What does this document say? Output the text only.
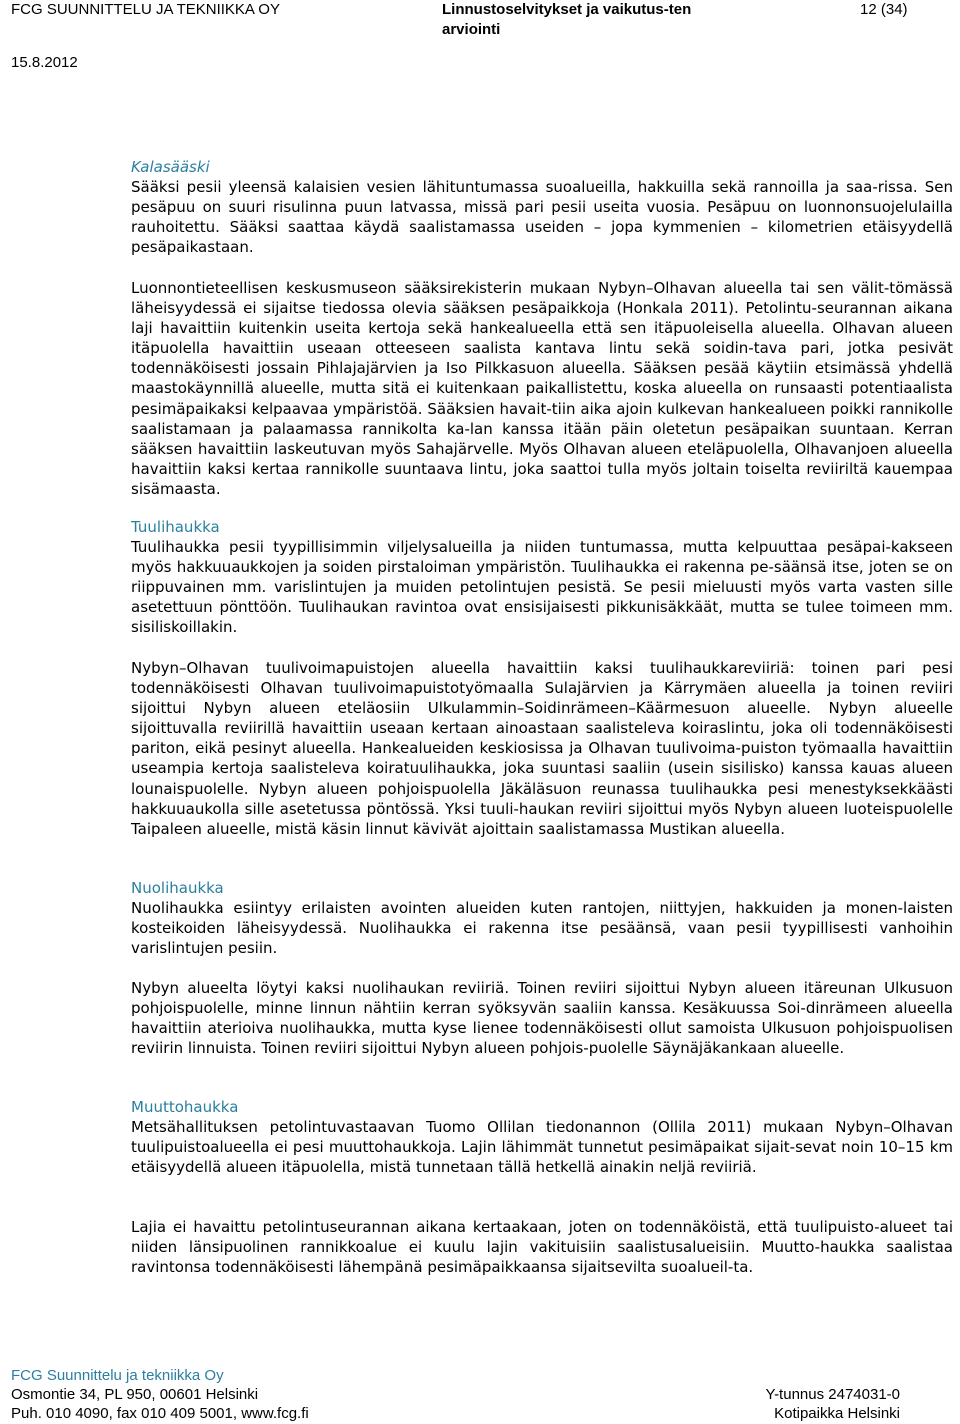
FCG SUUNNITTELU JA TEKNIIKKA OY	Linnustoselvitykset ja vaikutus-ten arviointi
12 (34)
15.8.2012
Kalasääski
Sääksi pesii yleensä kalaisien vesien lähituntumassa suoalueilla, hakkuilla sekä rannoilla ja saa-rissa. Sen pesäpuu on suuri risulinna puun latvassa, missä pari pesii useita vuosia. Pesäpuu on luonnonsuojelulailla rauhoitettu. Sääksi saattaa käydä saalistamassa useiden – jopa kymmenien – kilometrien etäisyydellä pesäpaikastaan.
Luonnontieteellisen keskusmuseon sääksirekisterin mukaan Nybyn–Olhavan alueella tai sen välit-tömässä läheisyydessä ei sijaitse tiedossa olevia sääksen pesäpaikkoja (Honkala 2011). Petolintu-seurannan aikana laji havaittiin kuitenkin useita kertoja sekä hankealueella että sen itäpuoleisella alueella. Olhavan alueen itäpuolella havaittiin useaan otteeseen saalista kantava lintu sekä soidin-tava pari, jotka pesivät todennäköisesti jossain Pihlajajärvien ja Iso Pilkkasuon alueella. Sääksen pesää käytiin etsimässä yhdellä maastokäynnillä alueelle, mutta sitä ei kuitenkaan paikallistettu, koska alueella on runsaasti potentiaalista pesimäpaikaksi kelpaavaa ympäristöä. Sääksien havait-tiin aika ajoin kulkevan hankealueen poikki rannikolle saalistamaan ja palaamassa rannikolta ka-lan kanssa itään päin oletetun pesäpaikan suuntaan. Kerran sääksen havaittiin laskeutuvan myös Sahajärvelle. Myös Olhavan alueen eteläpuolella, Olhavanjoen alueella havaittiin kaksi kertaa rannikolle suuntaava lintu, joka saattoi tulla myös joltain toiselta reviiriltä kauempaa sisämaasta.
Tuulihaukka
Tuulihaukka pesii tyypillisimmin viljelysalueilla ja niiden tuntumassa, mutta kelpuuttaa pesäpai-kakseen myös hakkuuaukkojen ja soiden pirstaloiman ympäristön. Tuulihaukka ei rakenna pe-säänsä itse, joten se on riippuvainen mm. varislintujen ja muiden petolintujen pesistä. Se pesii mieluusti myös varta vasten sille asetettuun pönttöön. Tuulihaukan ravintoa ovat ensisijaisesti pikkunisäkkäät, mutta se tulee toimeen mm. sisiliskoillakin.
Nybyn–Olhavan tuulivoimapuistojen alueella havaittiin kaksi tuulihaukkareviiriä: toinen pari pesi todennäköisesti Olhavan tuulivoimapuistotyömaalla Sulajärvien ja Kärrymäen alueella ja toinen reviiri sijoittui Nybyn alueen eteläosiin Ulkulammin–Soidinrämeen–Käärmesuon alueelle. Nybyn alueelle sijoittuvalla reviirillä havaittiin useaan kertaan ainoastaan saalisteleva koiraslintu, joka oli todennäköisesti pariton, eikä pesinyt alueella. Hankealueiden keskiosissa ja Olhavan tuulivoima-puiston työmaalla havaittiin useampia kertoja saalisteleva koiratuulihaukka, joka suuntasi saaliin (usein sisilisko) kanssa kauas alueen lounaispuolelle. Nybyn alueen pohjoispuolella Jäkäläsuon reunassa tuulihaukka pesi menestyksekkäästi hakkuuaukolla sille asetetussa pöntössä. Yksi tuuli-haukan reviiri sijoittui myös Nybyn alueen luoteispuolelle Taipaleen alueelle, mistä käsin linnut kävivät ajoittain saalistamassa Mustikan alueella.
Nuolihaukka
Nuolihaukka esiintyy erilaisten avointen alueiden kuten rantojen, niittyjen, hakkuiden ja monen-laisten kosteikoiden läheisyydessä. Nuolihaukka ei rakenna itse pesäänsä, vaan pesii tyypillisesti vanhoihin varislintujen pesiin.
Nybyn alueelta löytyi kaksi nuolihaukan reviiriä. Toinen reviiri sijoittui Nybyn alueen itäreunan Ulkusuon pohjoispuolelle, minne linnun nähtiin kerran syöksyvän saaliin kanssa. Kesäkuussa Soi-dinrämeen alueella havaittiin aterioiva nuolihaukka, mutta kyse lienee todennäköisesti ollut samoista Ulkusuon pohjoispuolisen reviirin linnuista. Toinen reviiri sijoittui Nybyn alueen pohjois-puolelle Säynäjäkankaan alueelle.
Muuttohaukka
Metsähallituksen petolintuvastaavan Tuomo Ollilan tiedonannon (Ollila 2011) mukaan Nybyn–Olhavan tuulipuistoalueella ei pesi muuttohaukkoja. Lajin lähimmät tunnetut pesimäpaikat sijait-sevat noin 10–15 km etäisyydellä alueen itäpuolella, mistä tunnetaan tällä hetkellä ainakin neljä reviiriä.
Lajia ei havaittu petolintuseurannan aikana kertaakaan, joten on todennäköistä, että tuulipuisto-alueet tai niiden länsipuolinen rannikkoalue ei kuulu lajin vakituisiin saalistusalueisiin. Muutto-haukka saalistaa ravintonsa todennäköisesti lähempänä pesimäpaikkaansa sijaitsevilta suoalueil-ta.
FCG Suunnittelu ja tekniikka Oy
Osmontie 34, PL 950, 00601 Helsinki
Puh. 010 4090, fax 010 409 5001, www.fcg.fi
Y-tunnus 2474031-0
Kotipaikka Helsinki
